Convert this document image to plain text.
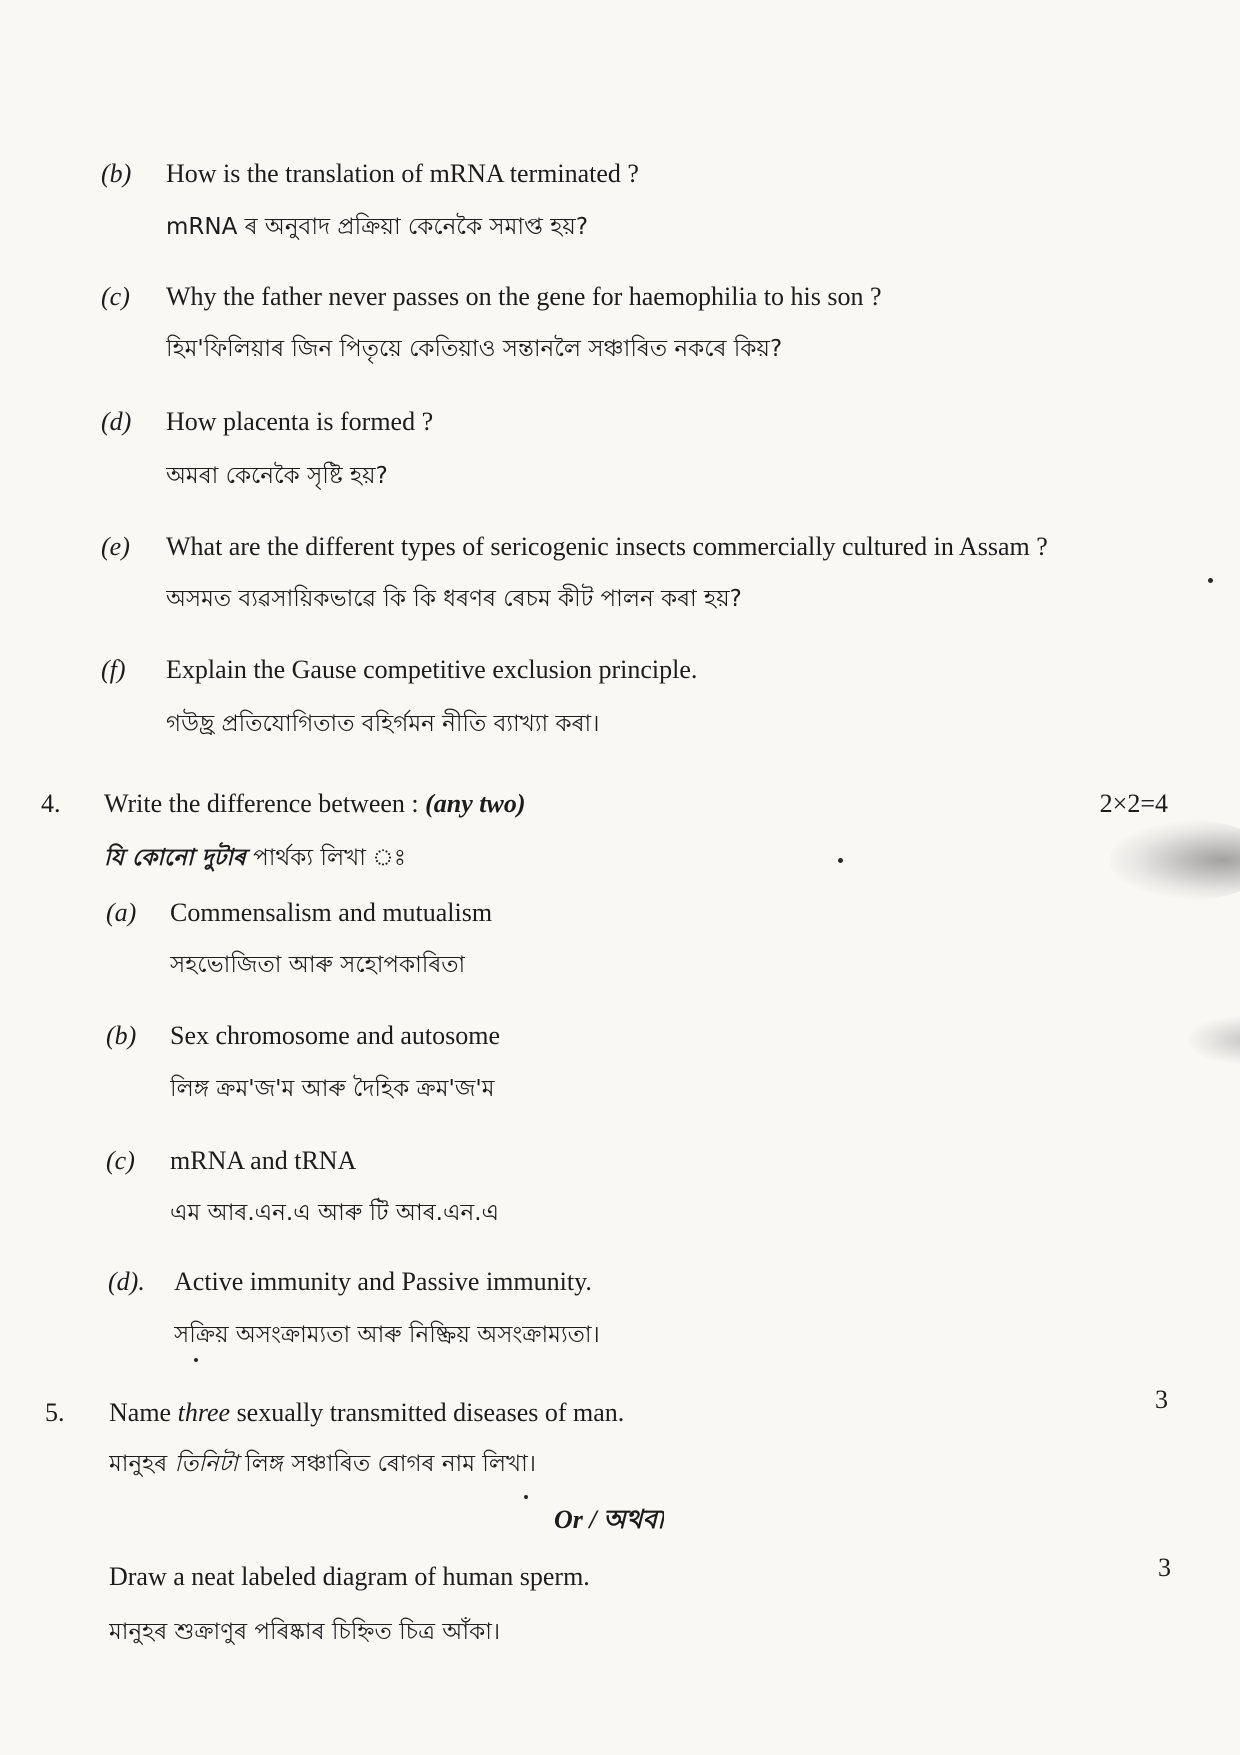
(b) How is the translation of mRNA terminated ?
mRNA ৰ অনুবাদ প্ৰক্ৰিয়া কেনেকৈ সমাপ্ত হয়?
(c) Why the father never passes on the gene for haemophilia to his son ?
হিম'ফিলিয়াৰ জিন পিতৃয়ে কেতিয়াও সন্তানলৈ সঞ্চাৰিত নকৰে কিয়?
(d) How placenta is formed ?
অমৰা কেনেকৈ সৃষ্টি হয়?
(e) What are the different types of sericogenic insects commercially cultured in Assam ?
অসমত ব্যৱসায়িকভাৱে কি কি ধৰণৰ ৰেচম কীট পালন কৰা হয়?
(f) Explain the Gause competitive exclusion principle.
গউছ্ৰ প্ৰতিযোগিতাত বহিৰ্গমন নীতি ব্যাখ্যা কৰা।
4. Write the difference between : (any two)	2×2=4
যি কোনো দুটাৰ পাৰ্থক্য লিখা ঃ
(a) Commensalism and mutualism
সহভোজিতা আৰু সহোপকাৰিতা
(b) Sex chromosome and autosome
লিঙ্গ ক্ৰম'জ'ম আৰু দৈহিক ক্ৰম'জ'ম
(c) mRNA and tRNA
এম আৰ.এন.এ আৰু টি আৰ.এন.এ
(d). Active immunity and Passive immunity.
সক্ৰিয় অসংক্ৰাম্যতা আৰু নিষ্ক্ৰিয় অসংক্ৰাম্যতা।
5. Name three sexually transmitted diseases of man.	3
মানুহৰ তিনিটা লিঙ্গ সঞ্চাৰিত ৰোগৰ নাম লিখা।
Or / অথবা
Draw a neat labeled diagram of human sperm.	3
মানুহৰ শুক্ৰাণুৰ পৰিষ্কাৰ চিহ্নিত চিত্ৰ আঁকা।
